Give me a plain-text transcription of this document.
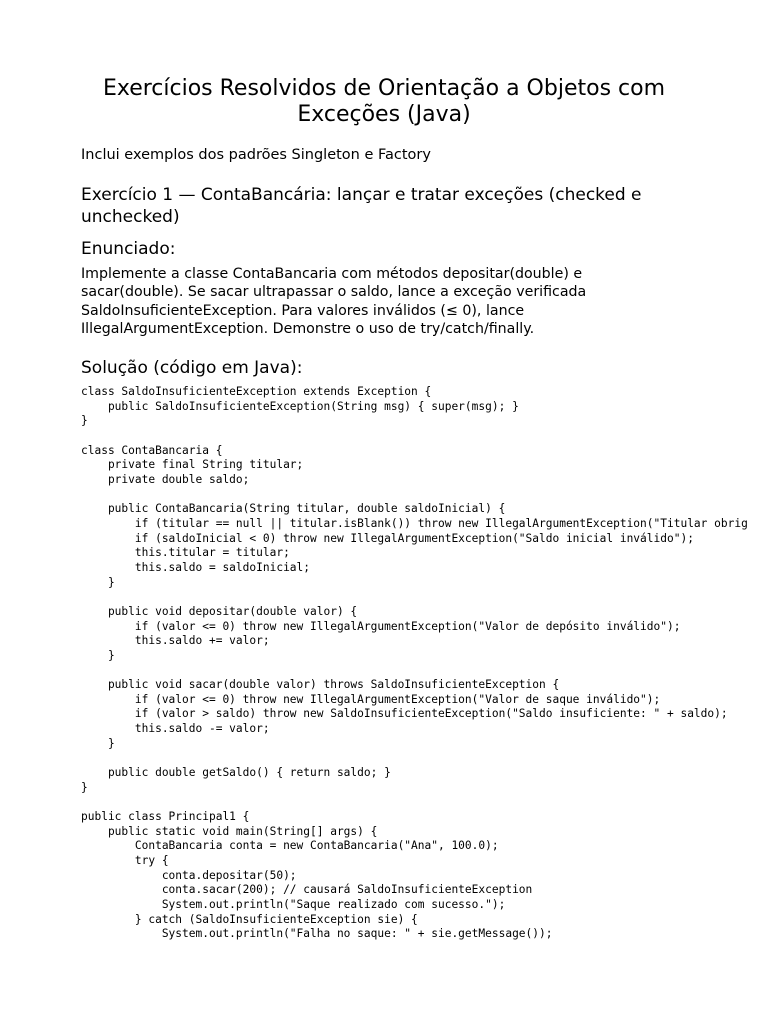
Exercícios Resolvidos de Orientação a Objetos com Exceções (Java)

Inclui exemplos dos padrões Singleton e Factory

Exercício 1 — ContaBancária: lançar e tratar exceções (checked e unchecked)
Enunciado:

Implemente a classe ContaBancaria com métodos depositar(double) e sacar(double). Se sacar ultrapassar o saldo, lance a exceção verificada SaldoInsuficienteException. Para valores inválidos (≤ 0), lance IllegalArgumentException. Demonstre o uso de try/catch/finally.

Solução (código em Java):
class SaldoInsuficienteException extends Exception {
public SaldoInsuficienteException(String msg) { super(msg); }
}

class ContaBancaria {
private final String titular;
private double saldo;

public ContaBancaria(String titular, double saldoInicial) {
if (titular == null || titular.isBlank()) throw new IllegalArgumentException("Titular obrig
if (saldoInicial < 0) throw new IllegalArgumentException("Saldo inicial inválido");
this.titular = titular;
this.saldo = saldoInicial;
}

public void depositar(double valor) {
if (valor <= 0) throw new IllegalArgumentException("Valor de depósito inválido");
this.saldo += valor;
}

public void sacar(double valor) throws SaldoInsuficienteException {
if (valor <= 0) throw new IllegalArgumentException("Valor de saque inválido");
if (valor > saldo) throw new SaldoInsuficienteException("Saldo insuficiente: " + saldo);
this.saldo -= valor;
}

public double getSaldo() { return saldo; }
}

public class Principal1 {
public static void main(String[] args) {
ContaBancaria conta = new ContaBancaria("Ana", 100.0);
try {
conta.depositar(50);
conta.sacar(200); // causará SaldoInsuficienteException
System.out.println("Saque realizado com sucesso.");
} catch (SaldoInsuficienteException sie) {
System.out.println("Falha no saque: " + sie.getMessage());
